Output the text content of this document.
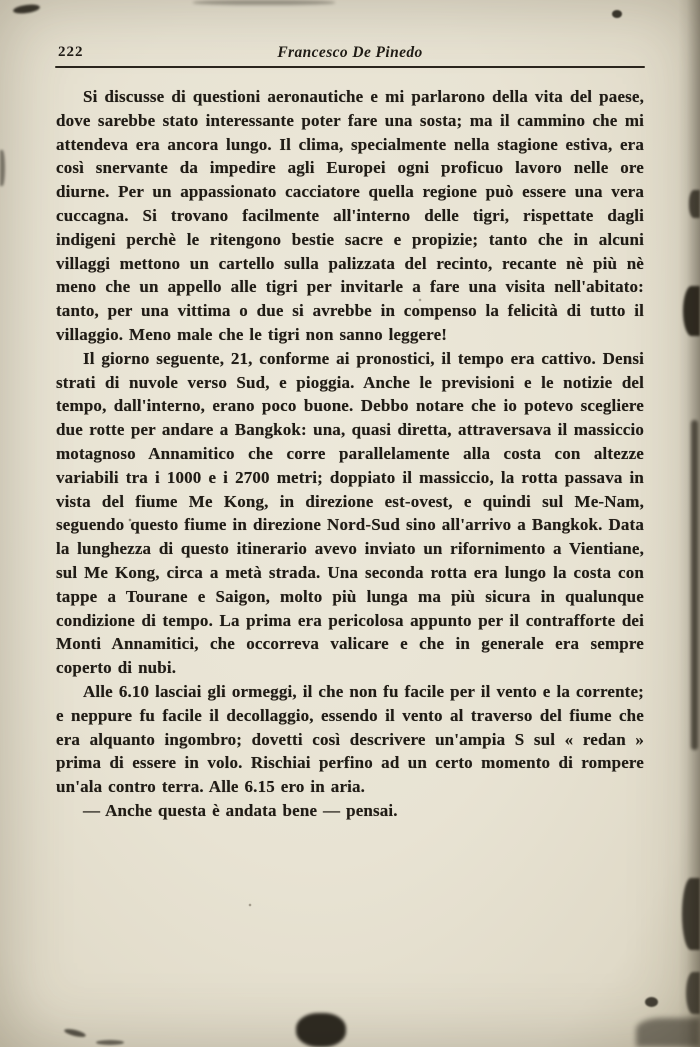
222	Francesco De Pinedo

Si discusse di questioni aeronautiche e mi parlarono della vita del paese, dove sarebbe stato interessante poter fare una sosta; ma il cammino che mi attendeva era ancora lungo. Il clima, specialmente nella stagione estiva, era così snervante da impedire agli Europei ogni proficuo lavoro nelle ore diurne. Per un appassionato cacciatore quella regione può essere una vera cuccagna. Si trovano facilmente all'interno delle tigri, rispettate dagli indigeni perchè le ritengono bestie sacre e propizie; tanto che in alcuni villaggi mettono un cartello sulla palizzata del recinto, recante nè più nè meno che un appello alle tigri per invitarle a fare una visita nell'abitato: tanto, per una vittima o due si avrebbe in compenso la felicità di tutto il villaggio. Meno male che le tigri non sanno leggere!

Il giorno seguente, 21, conforme ai pronostici, il tempo era cattivo. Densi strati di nuvole verso Sud, e pioggia. Anche le previsioni e le notizie del tempo, dall'interno, erano poco buone. Debbo notare che io potevo scegliere due rotte per andare a Bangkok: una, quasi diretta, attraversava il massiccio motagnoso Annamitico che corre parallelamente alla costa con altezze variabili tra i 1000 e i 2700 metri; doppiato il massiccio, la rotta passava in vista del fiume Me Kong, in direzione est-ovest, e quindi sul Me-Nam, seguendo questo fiume in direzione Nord-Sud sino all'arrivo a Bangkok. Data la lunghezza di questo itinerario avevo inviato un rifornimento a Vientiane, sul Me Kong, circa a metà strada. Una seconda rotta era lungo la costa con tappe a Tourane e Saigon, molto più lunga ma più sicura in qualunque condizione di tempo. La prima era pericolosa appunto per il contrafforte dei Monti Annamitici, che occorreva valicare e che in generale era sempre coperto di nubi.

Alle 6.10 lasciai gli ormeggi, il che non fu facile per il vento e la corrente; e neppure fu facile il decollaggio, essendo il vento al traverso del fiume che era alquanto ingombro; dovetti così descrivere un'ampia S sul « redan » prima di essere in volo. Rischiai perfino ad un certo momento di rompere un'ala contro terra. Alle 6.15 ero in aria.

— Anche questa è andata bene — pensai.
